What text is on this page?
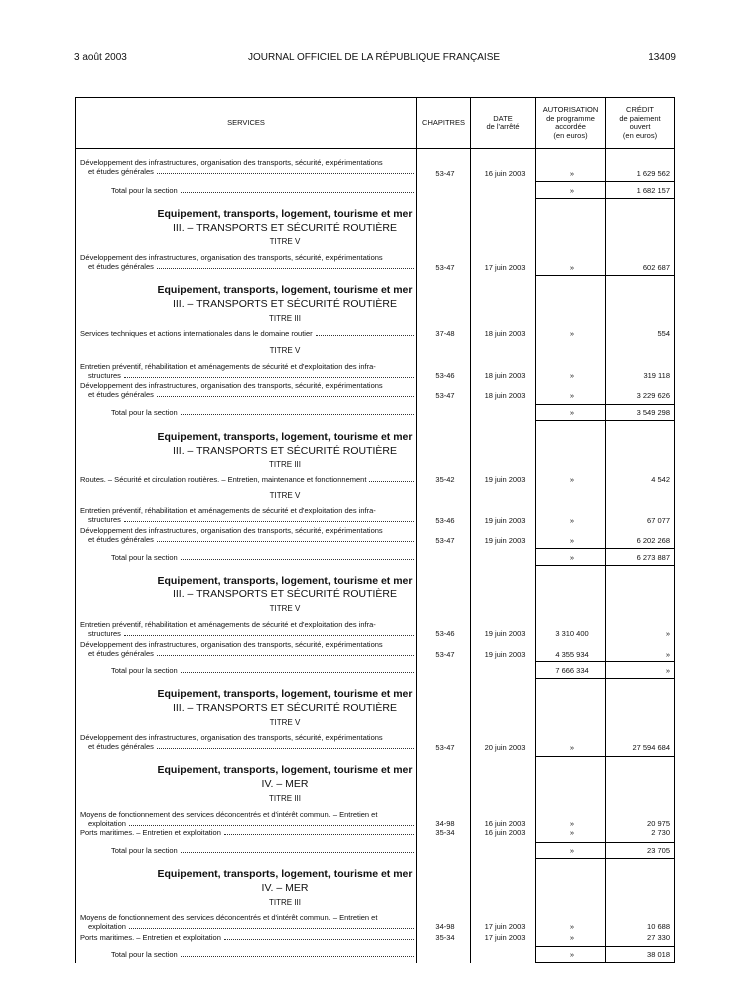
3 août 2003	JOURNAL OFFICIEL DE LA RÉPUBLIQUE FRANÇAISE	13409
SERVICES	CHAPITRES	DATE
de l'arrêté
AUTORISATION
de programme
accordée
(en euros)
CRÉDIT
de paiement
ouvert
(en euros)
Développement des infrastructures, organisation des transports, sécurité, expérimentations
et études générales	53-47	16 juin 2003	»	1 629 562
Total pour la section	»	1 682 157
Equipement, transports, logement, tourisme et mer
III. – TRANSPORTS ET SÉCURITÉ ROUTIÈRE
TITRE V
Développement des infrastructures, organisation des transports, sécurité, expérimentations
et études générales	53-47	17 juin 2003	»	602 687
Equipement, transports, logement, tourisme et mer
III. – TRANSPORTS ET SÉCURITÉ ROUTIÈRE
TITRE III
Services techniques et actions internationales dans le domaine routier	37-48	18 juin 2003	»	554
TITRE V
Entretien préventif, réhabilitation et aménagements de sécurité et d'exploitation des infra-
structures	53-46	18 juin 2003	»	319 118
Développement des infrastructures, organisation des transports, sécurité, expérimentations
et études générales	53-47	18 juin 2003	»	3 229 626
Total pour la section	»	3 549 298
Equipement, transports, logement, tourisme et mer
III. – TRANSPORTS ET SÉCURITÉ ROUTIÈRE
TITRE III
Routes. – Sécurité et circulation routières. – Entretien, maintenance et fonctionnement	35-42	19 juin 2003	»	4 542
TITRE V
Entretien préventif, réhabilitation et aménagements de sécurité et d'exploitation des infra-
structures	53-46	19 juin 2003	»	67 077
Développement des infrastructures, organisation des transports, sécurité, expérimentations
et études générales	53-47	19 juin 2003	»	6 202 268
Total pour la section	»	6 273 887
Equipement, transports, logement, tourisme et mer
III. – TRANSPORTS ET SÉCURITÉ ROUTIÈRE
TITRE V
Entretien préventif, réhabilitation et aménagements de sécurité et d'exploitation des infra-
structures	53-46	19 juin 2003	3 310 400	»
Développement des infrastructures, organisation des transports, sécurité, expérimentations
et études générales	53-47	19 juin 2003	4 355 934	»
Total pour la section	7 666 334	»
Equipement, transports, logement, tourisme et mer
III. – TRANSPORTS ET SÉCURITÉ ROUTIÈRE
TITRE V
Développement des infrastructures, organisation des transports, sécurité, expérimentations
et études générales	53-47	20 juin 2003	»	27 594 684
Equipement, transports, logement, tourisme et mer
IV. – MER
TITRE III
Moyens de fonctionnement des services déconcentrés et d'intérêt commun. – Entretien et
exploitation	34-98	16 juin 2003	»	20 975
Ports maritimes. – Entretien et exploitation	35-34	16 juin 2003	»	2 730
Total pour la section	»	23 705
Equipement, transports, logement, tourisme et mer
IV. – MER
TITRE III
Moyens de fonctionnement des services déconcentrés et d'intérêt commun. – Entretien et
exploitation	34-98	17 juin 2003	»	10 688
Ports maritimes. – Entretien et exploitation	35-34	17 juin 2003	»	27 330
Total pour la section	»	38 018
